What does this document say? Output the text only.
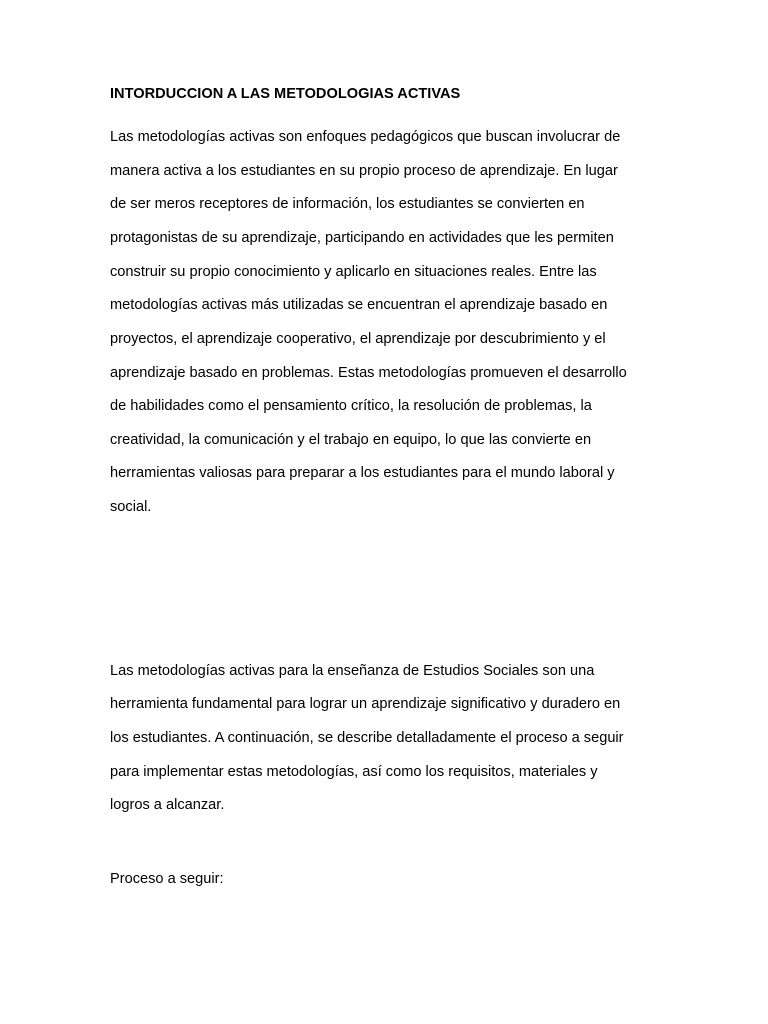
INTORDUCCION A LAS METODOLOGIAS ACTIVAS
Las metodologías activas son enfoques pedagógicos que buscan involucrar de
manera activa a los estudiantes en su propio proceso de aprendizaje. En lugar
de ser meros receptores de información, los estudiantes se convierten en
protagonistas de su aprendizaje, participando en actividades que les permiten
construir su propio conocimiento y aplicarlo en situaciones reales. Entre las
metodologías activas más utilizadas se encuentran el aprendizaje basado en
proyectos, el aprendizaje cooperativo, el aprendizaje por descubrimiento y el
aprendizaje basado en problemas. Estas metodologías promueven el desarrollo
de habilidades como el pensamiento crítico, la resolución de problemas, la
creatividad, la comunicación y el trabajo en equipo, lo que las convierte en
herramientas valiosas para preparar a los estudiantes para el mundo laboral y
social.
Las metodologías activas para la enseñanza de Estudios Sociales son una
herramienta fundamental para lograr un aprendizaje significativo y duradero en
los estudiantes. A continuación, se describe detalladamente el proceso a seguir
para implementar estas metodologías, así como los requisitos, materiales y
logros a alcanzar.
Proceso a seguir:
